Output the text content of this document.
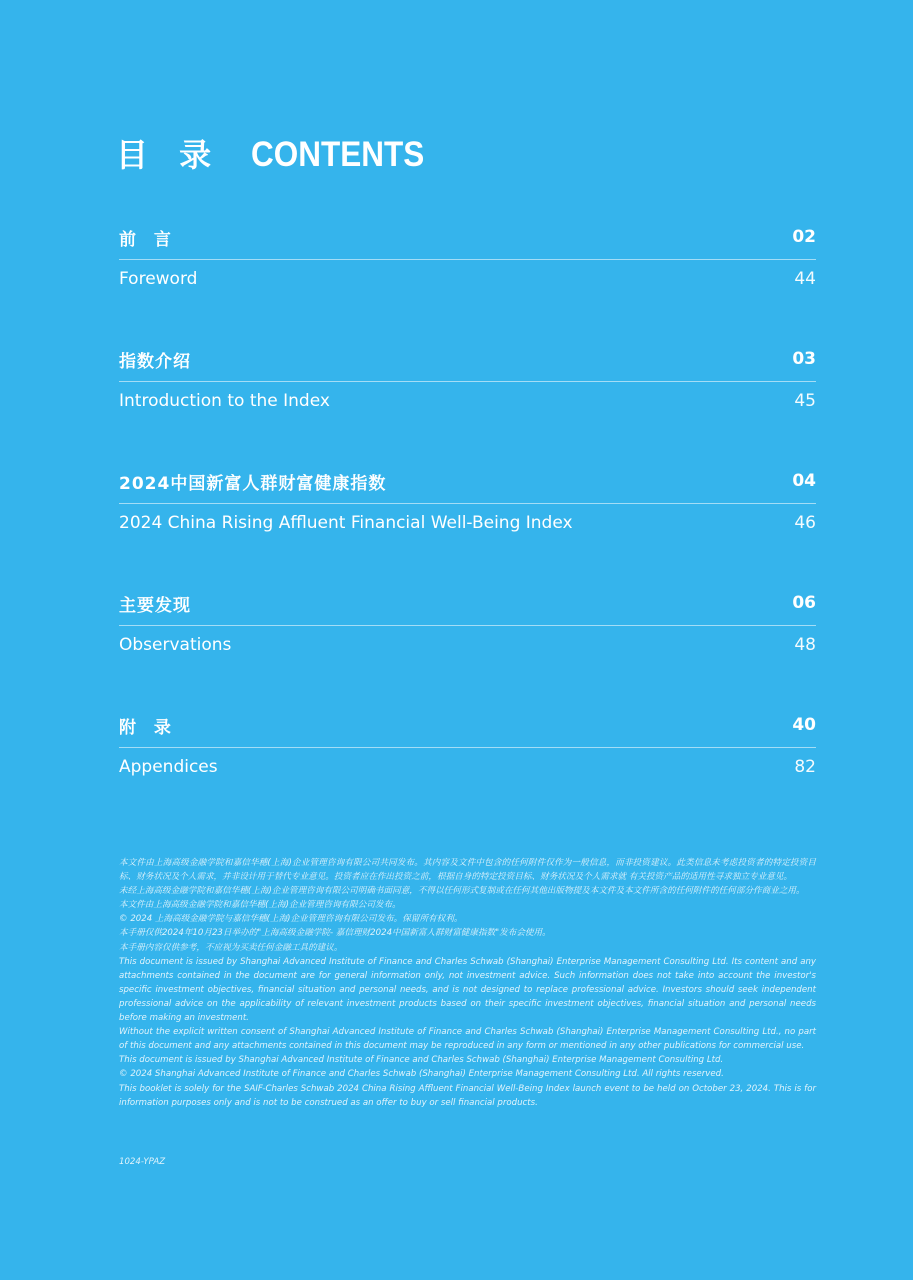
目 录 CONTENTS
前 言	02
Foreword	44
指数介绍	03
Introduction to the Index	45
2024中国新富人群财富健康指数	04
2024 China Rising Affluent Financial Well-Being Index	46
主要发现	06
Observations	48
附 录	40
Appendices	82

本文件由上海高级金融学院和嘉信华穗(上海)企业管理咨询有限公司共同发布。其内容及文件中包含的任何附件仅作为一般信息，而非投资建议。此类信息未考虑投资者的特定投资目标、财务状况及个人需求，并非设计用于替代专业意见。投资者应在作出投资之前，根据自身的特定投资目标、财务状况及个人需求就 有关投资产品的适用性寻求独立专业意见。

未经上海高级金融学院和嘉信华穗(上海)企业管理咨询有限公司明确书面同意，不得以任何形式复制或在任何其他出版物提及本文件及本文件所含的任何附件的任何部分作商业之用。

本文件由上海高级金融学院和嘉信华穗(上海)企业管理咨询有限公司发布。

© 2024 上海高级金融学院与嘉信华穗(上海)企业管理咨询有限公司发布。保留所有权利。

本手册仅供2024年10月23日举办的"上海高级金融学院- 嘉信理财2024中国新富人群财富健康指数"发布会使用。

本手册内容仅供参考，不应视为买卖任何金融工具的建议。

This document is issued by Shanghai Advanced Institute of Finance and Charles Schwab (Shanghai) Enterprise Management Consulting Ltd. Its content and any attachments contained in the document are for general information only, not investment advice. Such information does not take into account the investor's specific investment objectives, financial situation and personal needs, and is not designed to replace professional advice. Investors should seek independent professional advice on the applicability of relevant investment products based on their specific investment objectives, financial situation and personal needs before making an investment.

Without the explicit written consent of Shanghai Advanced Institute of Finance and Charles Schwab (Shanghai) Enterprise Management Consulting Ltd., no part of this document and any attachments contained in this document may be reproduced in any form or mentioned in any other publications for commercial use.

This document is issued by Shanghai Advanced Institute of Finance and Charles Schwab (Shanghai) Enterprise Management Consulting Ltd.

© 2024 Shanghai Advanced Institute of Finance and Charles Schwab (Shanghai) Enterprise Management Consulting Ltd. All rights reserved.

This booklet is solely for the SAIF-Charles Schwab 2024 China Rising Affluent Financial Well-Being Index launch event to be held on October 23, 2024. This is for information purposes only and is not to be construed as an offer to buy or sell financial products.

1024-YPAZ
